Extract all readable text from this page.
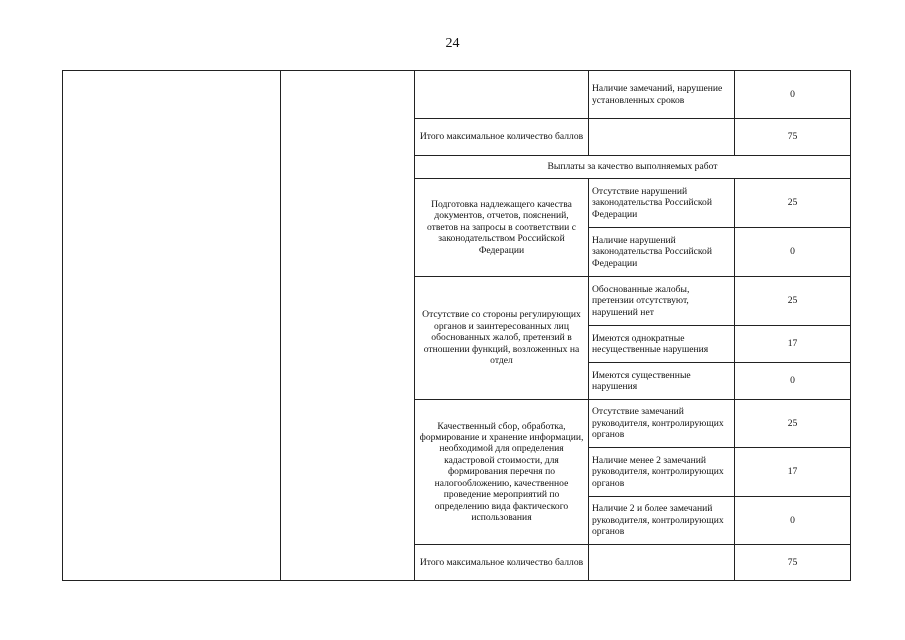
24
			Наличие замечаний, нарушение установленных сроков	0
		Итого максимальное количество баллов		75
		Выплаты за качество выполняемых работ		
		Подготовка надлежащего качества документов, отчетов, пояснений, ответов на запросы в соответствии с законодательством Российской Федерации	Отсутствие нарушений законодательства Российской Федерации	25
			Наличие нарушений законодательства Российской Федерации	0
		Отсутствие со стороны регулирующих органов и заинтересованных лиц обоснованных жалоб, претензий в отношении функций, возложенных на отдел	Обоснованные жалобы, претензии отсутствуют, нарушений нет	25
			Имеются однократные несущественные нарушения	17
			Имеются существенные нарушения	0
		Качественный сбор, обработка, формирование и хранение информации, необходимой для определения кадастровой стоимости, для формирования перечня по налогообложению, качественное проведение мероприятий по определению вида фактического использования	Отсутствие замечаний руководителя, контролирующих органов	25
			Наличие менее 2 замечаний руководителя, контролирующих органов	17
			Наличие 2 и более замечаний руководителя, контролирующих органов	0
		Итого максимальное количество баллов		75
